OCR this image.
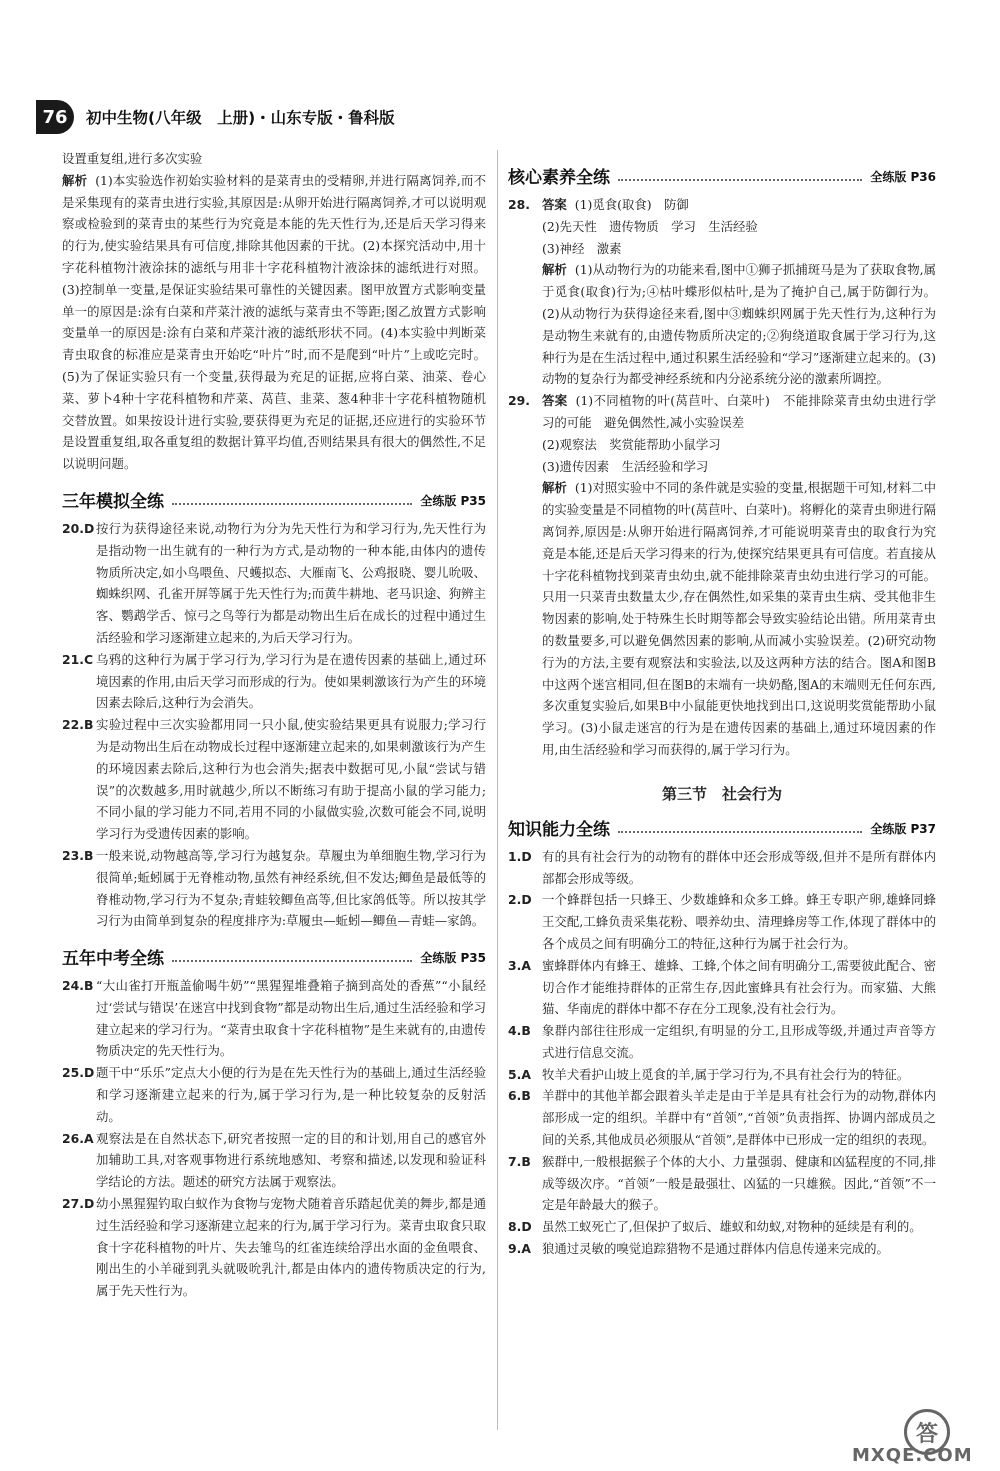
76	初中生物(八年级　上册)・山东专版・鲁科版

设置重复组,进行多次实验

解析 (1)本实验选作初始实验材料的是菜青虫的受精卵,并进行隔离饲养,而不是采集现有的菜青虫进行实验,其原因是:从卵开始进行隔离饲养,才可以说明观察或检验到的菜青虫的某些行为究竟是本能的先天性行为,还是后天学习得来的行为,使实验结果具有可信度,排除其他因素的干扰。(2)本探究活动中,用十字花科植物汁液涂抹的滤纸与用非十字花科植物汁液涂抹的滤纸进行对照。(3)控制单一变量,是保证实验结果可靠性的关键因素。图甲放置方式影响变量单一的原因是:涂有白菜和芹菜汁液的滤纸与菜青虫不等距;图乙放置方式影响变量单一的原因是:涂有白菜和芹菜汁液的滤纸形状不同。(4)本实验中判断菜青虫取食的标准应是菜青虫开始吃“叶片”时,而不是爬到“叶片”上或吃完时。(5)为了保证实验只有一个变量,获得最为充足的证据,应将白菜、油菜、卷心菜、萝卜4种十字花科植物和芹菜、莴苣、韭菜、葱4种非十字花科植物随机交替放置。如果按设计进行实验,要获得更为充足的证据,还应进行的实验环节是设置重复组,取各重复组的数据计算平均值,否则结果具有很大的偶然性,不足以说明问题。

三年模拟全练	全练版 P35
20.D 按行为获得途径来说,动物行为分为先天性行为和学习行为,先天性行为是指动物一出生就有的一种行为方式,是动物的一种本能,由体内的遗传物质所决定,如小鸟喂鱼、尺蠖拟态、大雁南飞、公鸡报晓、婴儿吮吸、蜘蛛织网、孔雀开屏等属于先天性行为;而黄牛耕地、老马识途、狗辨主客、鹦鹉学舌、惊弓之鸟等行为都是动物出生后在成长的过程中通过生活经验和学习逐渐建立起来的,为后天学习行为。
21.C 乌鸦的这种行为属于学习行为,学习行为是在遗传因素的基础上,通过环境因素的作用,由后天学习而形成的行为。使如果刺激该行为产生的环境因素去除后,这种行为会消失。
22.B 实验过程中三次实验都用同一只小鼠,使实验结果更具有说服力;学习行为是动物出生后在动物成长过程中逐渐建立起来的,如果刺激该行为产生的环境因素去除后,这种行为也会消失;据表中数据可见,小鼠“尝试与错误”的次数越多,用时就越少,所以不断练习有助于提高小鼠的学习能力;不同小鼠的学习能力不同,若用不同的小鼠做实验,次数可能会不同,说明学习行为受遗传因素的影响。
23.B 一般来说,动物越高等,学习行为越复杂。草履虫为单细胞生物,学习行为很简单;蚯蚓属于无脊椎动物,虽然有神经系统,但不发达;鲫鱼是最低等的脊椎动物,学习行为不复杂;青蛙较鲫鱼高等,但比家鸽低等。所以按其学习行为由简单到复杂的程度排序为:草履虫—蚯蚓—鲫鱼—青蛙—家鸽。
五年中考全练	全练版 P35
24.B “大山雀打开瓶盖偷喝牛奶”“黑猩猩堆叠箱子摘到高处的香蕉”“小鼠经过‘尝试与错误’在迷宫中找到食物”都是动物出生后,通过生活经验和学习建立起来的学习行为。“菜青虫取食十字花科植物”是生来就有的,由遗传物质决定的先天性行为。
25.D 题干中“乐乐”定点大小便的行为是在先天性行为的基础上,通过生活经验和学习逐渐建立起来的行为,属于学习行为,是一种比较复杂的反射活动。
26.A 观察法是在自然状态下,研究者按照一定的目的和计划,用自己的感官外加辅助工具,对客观事物进行系统地感知、考察和描述,以发现和验证科学结论的方法。题述的研究方法属于观察法。
27.D 幼小黑猩猩钓取白蚁作为食物与宠物犬随着音乐踏起优美的舞步,都是通过生活经验和学习逐渐建立起来的行为,属于学习行为。菜青虫取食只取食十字花科植物的叶片、失去雏鸟的红雀连续给浮出水面的金鱼喂食、刚出生的小羊碰到乳头就吸吮乳汁,都是由体内的遗传物质决定的行为,属于先天性行为。
核心素养全练	全练版 P36
28. 答案 (1)觅食(取食)　防御

(2)先天性　遗传物质　学习　生活经验

(3)神经　激素

解析 (1)从动物行为的功能来看,图中①狮子抓捕斑马是为了获取食物,属于觅食(取食)行为;④枯叶蝶形似枯叶,是为了掩护自己,属于防御行为。(2)从动物行为获得途径来看,图中③蜘蛛织网属于先天性行为,这种行为是动物生来就有的,由遗传物质所决定的;②狗绕道取食属于学习行为,这种行为是在生活过程中,通过积累生活经验和“学习”逐渐建立起来的。(3)动物的复杂行为都受神经系统和内分泌系统分泌的激素所调控。

29. 答案 (1)不同植物的叶(莴苣叶、白菜叶)　不能排除菜青虫幼虫进行学习的可能　避免偶然性,减小实验误差

(2)观察法　奖赏能帮助小鼠学习

(3)遗传因素　生活经验和学习

解析 (1)对照实验中不同的条件就是实验的变量,根据题干可知,材料二中的实验变量是不同植物的叶(莴苣叶、白菜叶)。将孵化的菜青虫卵进行隔离饲养,原因是:从卵开始进行隔离饲养,才可能说明菜青虫的取食行为究竟是本能,还是后天学习得来的行为,使探究结果更具有可信度。若直接从十字花科植物找到菜青虫幼虫,就不能排除菜青虫幼虫进行学习的可能。只用一只菜青虫数量太少,存在偶然性,如采集的菜青虫生病、受其他非生物因素的影响,处于特殊生长时期等都会导致实验结论出错。所用菜青虫的数量要多,可以避免偶然因素的影响,从而减小实验误差。(2)研究动物行为的方法,主要有观察法和实验法,以及这两种方法的结合。图A和图B中这两个迷宫相同,但在图B的末端有一块奶酪,图A的末端则无任何东西,多次重复实验后,如果B中小鼠能更快地找到出口,这说明奖赏能帮助小鼠学习。(3)小鼠走迷宫的行为是在遗传因素的基础上,通过环境因素的作用,由生活经验和学习而获得的,属于学习行为。

第三节　社会行为
知识能力全练	全练版 P37
1.D 有的具有社会行为的动物有的群体中还会形成等级,但并不是所有群体内部都会形成等级。
2.D 一个蜂群包括一只蜂王、少数雄蜂和众多工蜂。蜂王专职产卵,雄蜂同蜂王交配,工蜂负责采集花粉、喂养幼虫、清理蜂房等工作,体现了群体中的各个成员之间有明确分工的特征,这种行为属于社会行为。
3.A 蜜蜂群体内有蜂王、雄蜂、工蜂,个体之间有明确分工,需要彼此配合、密切合作才能维持群体的正常生存,因此蜜蜂具有社会行为。而家猫、大熊猫、华南虎的群体中都不存在分工现象,没有社会行为。
4.B 象群内部往往形成一定组织,有明显的分工,且形成等级,并通过声音等方式进行信息交流。
5.A 牧羊犬看护山坡上觅食的羊,属于学习行为,不具有社会行为的特征。
6.B 羊群中的其他羊都会跟着头羊走是由于羊是具有社会行为的动物,群体内部形成一定的组织。羊群中有“首领”,“首领”负责指挥、协调内部成员之间的关系,其他成员必须服从“首领”,是群体中已形成一定的组织的表现。
7.B 猴群中,一般根据猴子个体的大小、力量强弱、健康和凶猛程度的不同,排成等级次序。“首领”一般是最强壮、凶猛的一只雄猴。因此,“首领”不一定是年龄最大的猴子。
8.D 虽然工蚁死亡了,但保护了蚁后、雄蚁和幼蚁,对物种的延续是有利的。
9.A 狼通过灵敏的嗅觉追踪猎物不是通过群体内信息传递来完成的。
答
MXQE.COM
